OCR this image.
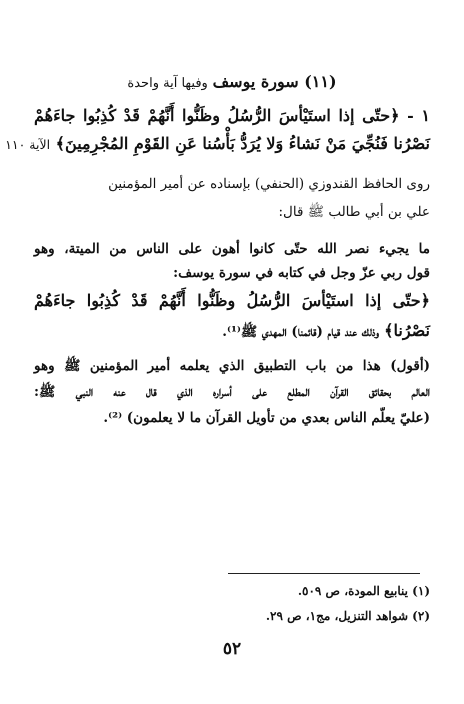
(١١) سورة يوسف وفيها آية واحدة
١ - ﴿حتّى إذا استَيْأسَ الرُّسُلُ وظَنُّوا أَنَّهُمْ قَدْ كُذِبُوا جاءَهُمْ
نَصْرُنا فَنُجِّيَ مَنْ نَشاءُ وَلا يُرَدُّ بَأْسُنا عَنِ القَوْمِ المُجْرِمِينَ﴾ الآية ١١٠
روى الحافظ القندوزي (الحنفي) بإسناده عن أمير المؤمنين
علي بن أبي طالب ﷺ قال:
ما يجيء نصر الله حتّى كانوا أهون على الناس من الميتة، وهو
قول ربي عزّ وجل في كتابه في سورة يوسف:
﴿حتّى إذا استَيْأسَ الرُّسُلُ وظَنُّوا أَنَّهُمْ قَدْ كُذِبُوا جاءَهُمْ
نَصْرُنا﴾ وذلك عند قيام (قائمنا) المهدي ﷺ⁽¹⁾.
(أقول) هذا من باب التطبيق الذي يعلمه أمير المؤمنين ﷺ وهو
العالم بحقائق القرآن المطلع على أسراره الذي قال عنه النبي ﷺ:
(عليّ يعلّم الناس بعدي من تأويل القرآن ما لا يعلمون) ⁽²⁾.
(١) ينابيع المودة، ص ٥٠٩.
(٢) شواهد التنزيل، مج١، ص ٢٩.
٥٢
